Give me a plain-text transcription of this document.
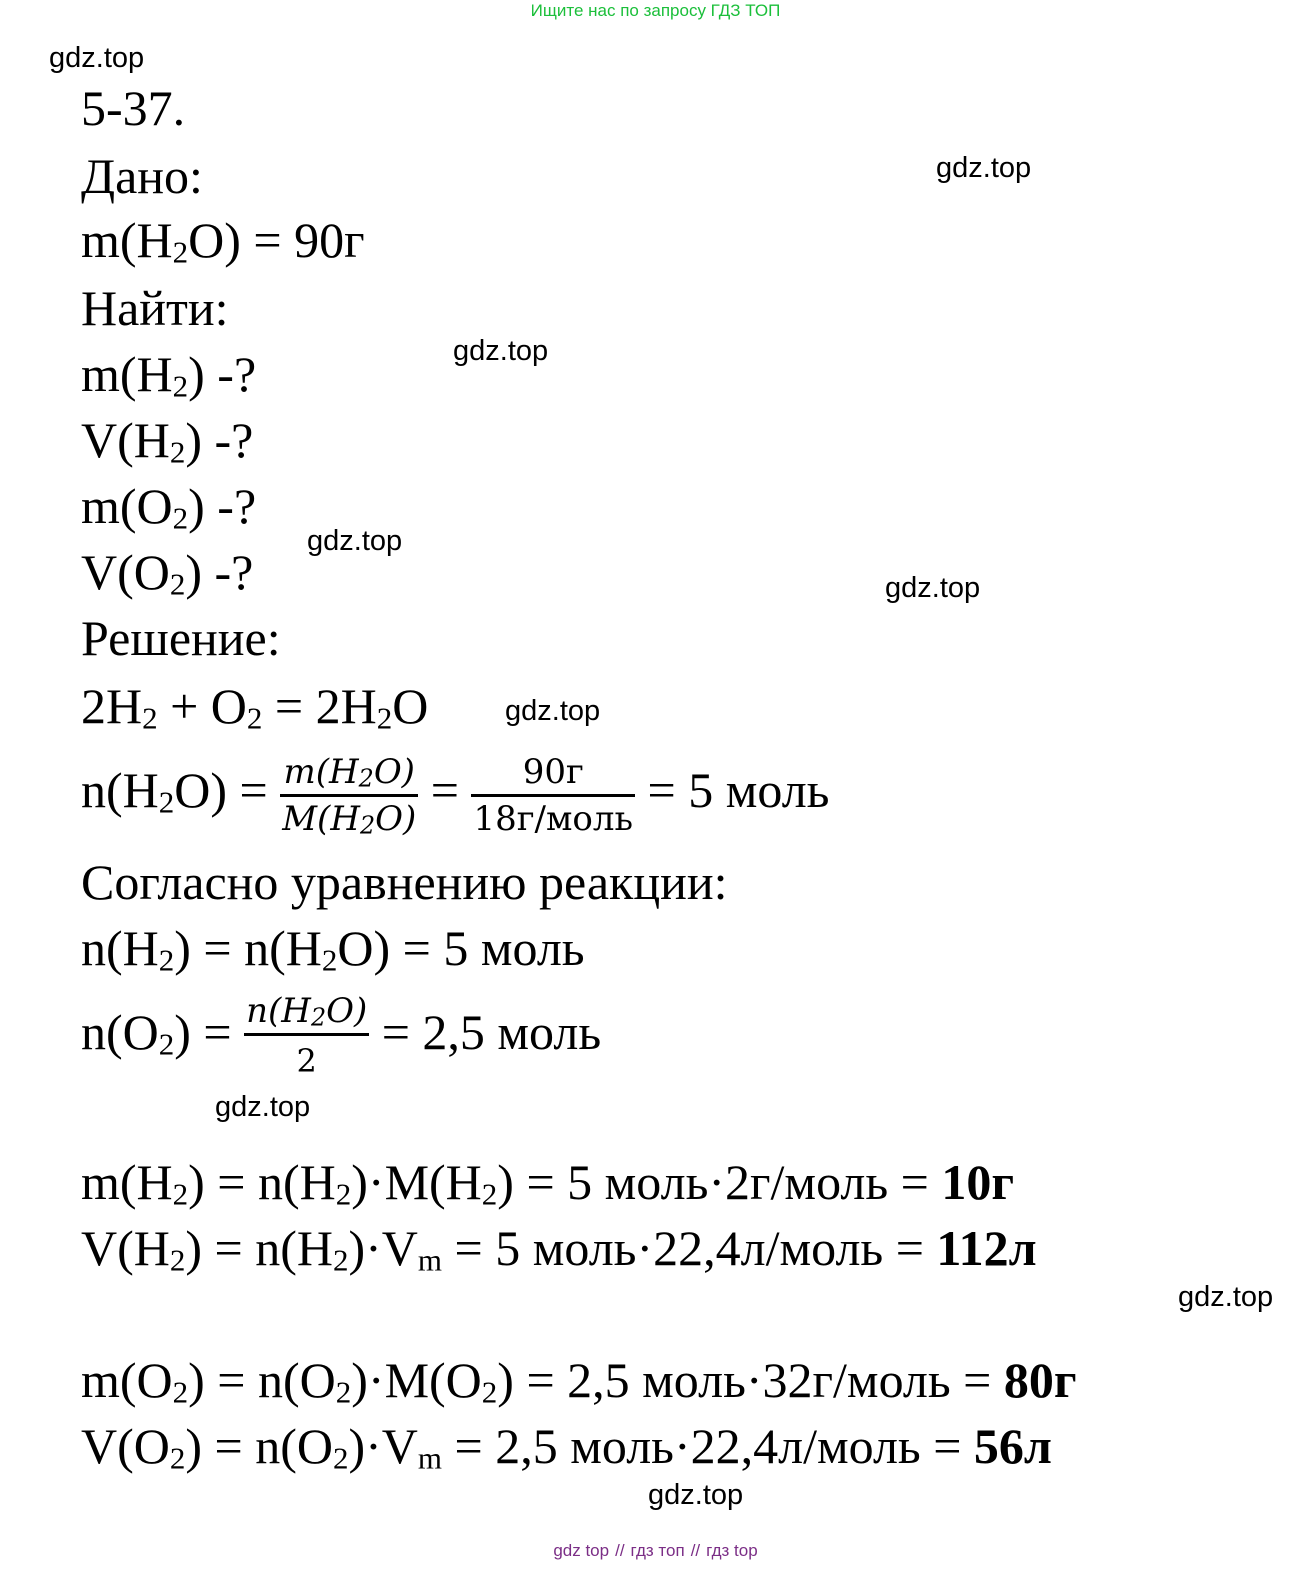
Ищите нас по запросу ГДЗ ТОП
gdz.top
gdz.top
gdz.top
gdz.top
gdz.top
gdz.top
gdz.top
gdz.top
gdz.top
5-37.
Дано:
m(H2O) = 90г
Найти:
m(H2) -?
V(H2) -?
m(O2) -?
V(O2) -?
Решение:
2H2 + O2 = 2H2O
$n(H2O) = \frac{m(H2O)}{M(H2O)} = \frac{90г}{\text{18г/моль}} = 5$ моль
Согласно уравнению реакции:
n(H2) = n(H2O) = 5 моль
$n(O2) = \frac{n(H2O)}{2} = 2,5$ моль
m(H2) = n(H2)·M(H2) = 5 моль·2г/моль = 10г
V(H2) = n(H2)·Vm = 5 моль·22,4л/моль = 112л
m(O2) = n(O2)·M(O2) = 2,5 моль·32г/моль = 80г
V(O2) = n(O2)·Vm = 2,5 моль·22,4л/моль = 56л
gdz top // гдз топ // гдз top
